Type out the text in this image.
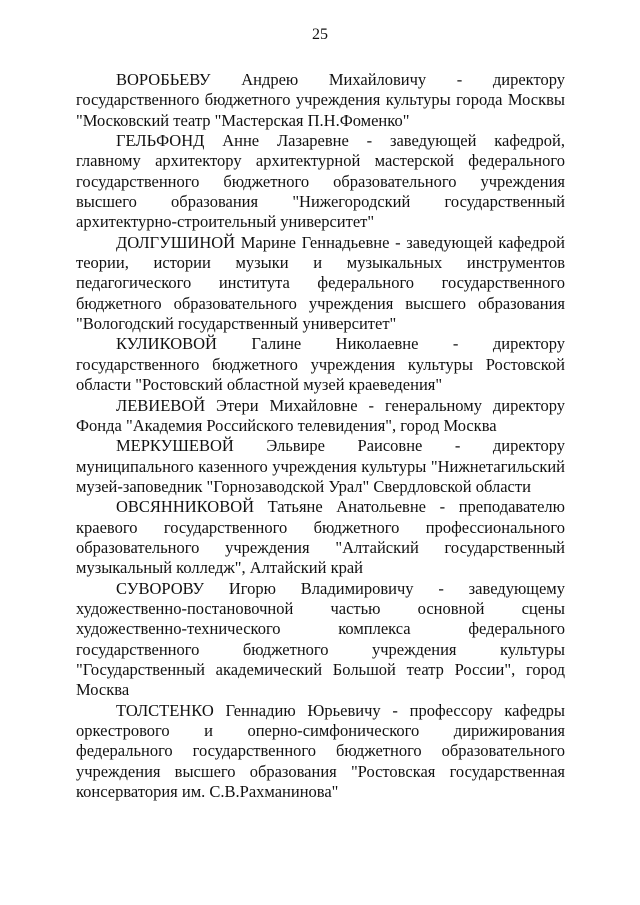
25

ВОРОБЬЕВУ Андрею Михайловичу - директору государственного бюджетного учреждения культуры города Москвы "Московский театр "Мастерская П.Н.Фоменко"

ГЕЛЬФОНД Анне Лазаревне - заведующей кафедрой, главному архитектору архитектурной мастерской федерального государственного бюджетного образовательного учреждения высшего образования "Нижегородский государственный архитектурно-строительный университет"

ДОЛГУШИНОЙ Марине Геннадьевне - заведующей кафедрой теории, истории музыки и музыкальных инструментов педагогического института федерального государственного бюджетного образовательного учреждения высшего образования "Вологодский государственный университет"

КУЛИКОВОЙ Галине Николаевне - директору государственного бюджетного учреждения культуры Ростовской области "Ростовский областной музей краеведения"

ЛЕВИЕВОЙ Этери Михайловне - генеральному директору Фонда "Академия Российского телевидения", город Москва

МЕРКУШЕВОЙ Эльвире Раисовне - директору муниципального казенного учреждения культуры "Нижнетагильский музей-заповедник "Горнозаводской Урал" Свердловской области

ОВСЯННИКОВОЙ Татьяне Анатольевне - преподавателю краевого государственного бюджетного профессионального образовательного учреждения "Алтайский государственный музыкальный колледж", Алтайский край

СУВОРОВУ Игорю Владимировичу - заведующему художественно-постановочной частью основной сцены художественно-технического комплекса федерального государственного бюджетного учреждения культуры "Государственный академический Большой театр России", город Москва

ТОЛСТЕНКО Геннадию Юрьевичу - профессору кафедры оркестрового и оперно-симфонического дирижирования федерального государственного бюджетного образовательного учреждения высшего образования "Ростовская государственная консерватория им. С.В.Рахманинова"
